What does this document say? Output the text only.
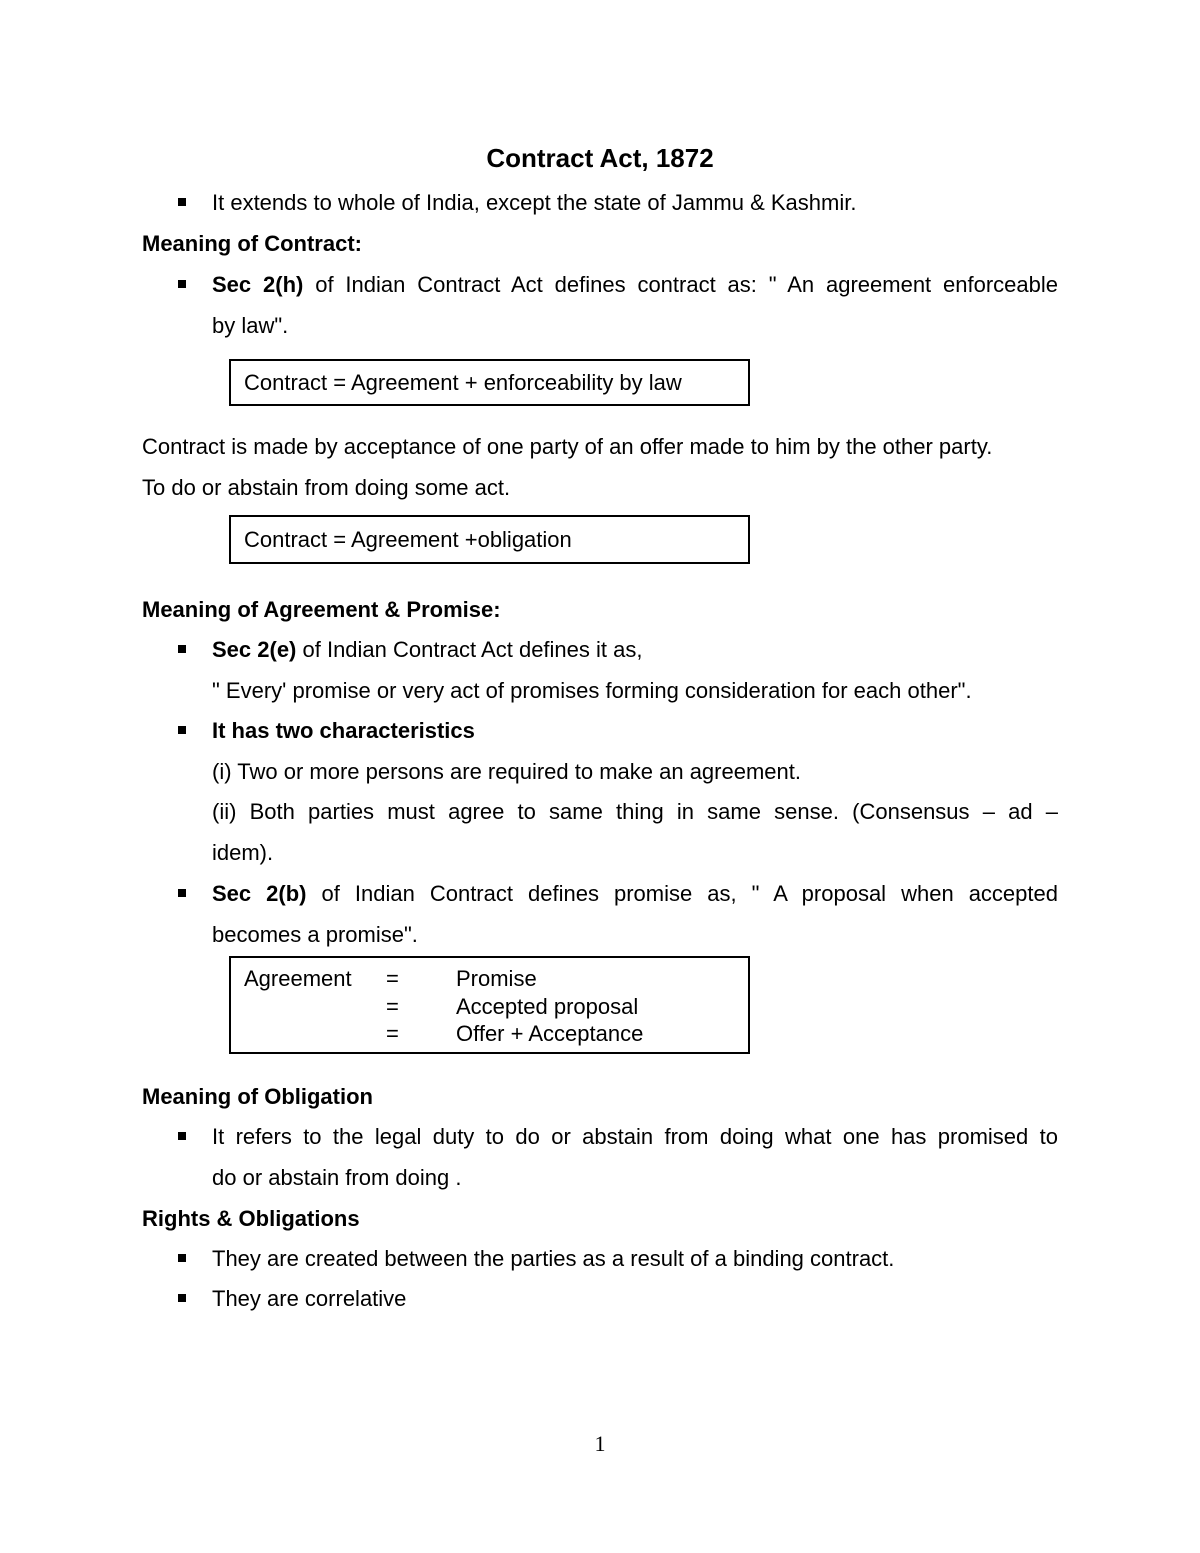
Contract Act, 1872
It extends to whole of India, except the state of Jammu & Kashmir.
Meaning of Contract:
Sec 2(h) of Indian Contract Act defines contract as: " An agreement enforceable
by law".
Contract = Agreement + enforceability by law
Contract is made by acceptance of one party of an offer made to him by the other party.
To do or abstain from doing some act.
Contract = Agreement +obligation
Meaning of Agreement & Promise:
Sec 2(e) of Indian Contract Act defines it as,
" Every' promise or very act of promises forming consideration for each other".
It has two characteristics
(i) Two or more persons are required to make an agreement.
(ii) Both parties must agree to same thing in same sense. (Consensus – ad –
idem).
Sec 2(b) of Indian Contract defines promise as, " A proposal when accepted
becomes a promise".
Agreement =	Promise
=	Accepted proposal
=	Offer + Acceptance
Meaning of Obligation
It refers to the legal duty to do or abstain from doing what one has promised to
do or abstain from doing .
Rights & Obligations
They are created between the parties as a result of a binding contract.
They are correlative
1
